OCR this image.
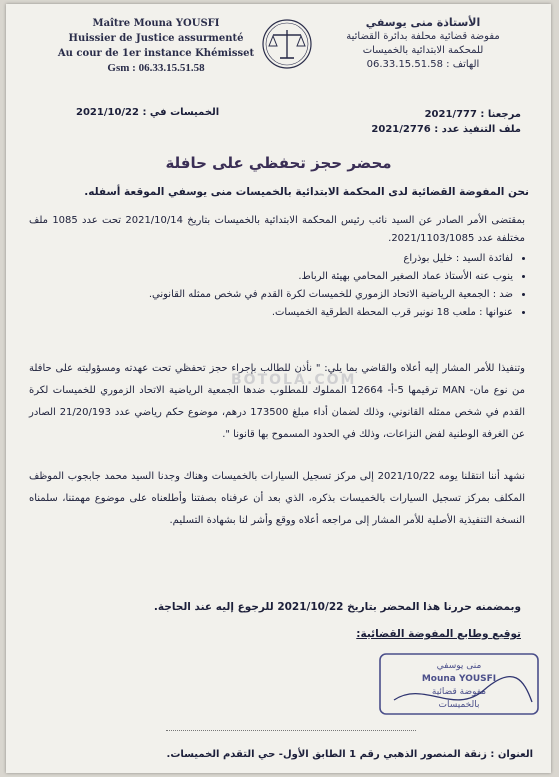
Maître Mouna YOUSFI
Huissier de Justice assurmenté
Au cour de 1er instance Khémisset
Gsm : 06.33.15.51.58
الأستاذة منى يوسفي
مفوضة قضائية محلفة بدائرة القضائية
للمحكمة الابتدائية بالخميسات
الهاتف : 06.33.15.51.58
مرجعنا : 2021/777
ملف التنفيذ عدد : 2021/2776
الخميسات في : 2021/10/22
محضر حجز تحفظي على حافلة
نحن المفوضة القضائية لدى المحكمة الابتدائية بالخميسات منى يوسفي الموقعة أسفله.
بمقتضى الأمر الصادر عن السيد نائب رئيس المحكمة الابتدائية بالخميسات بتاريخ 2021/10/14 تحت عدد 1085 ملف مختلفة عدد 2021/1103/1085.
• لفائدة السيد : خليل بوذراع
• ينوب عنه الأستاذ عماد الصغير المحامي بهيئة الرباط.
• ضد : الجمعية الرياضية الاتحاد الزموري للخميسات لكرة القدم في شخص ممثله القانوني.
• عنوانها : ملعب 18 نونبر قرب المحطة الطرقية الخميسات.
BOTOLA.COM
وتنفيذا للأمر المشار إليه أعلاه والقاضي بما يلي: " نأذن للطالب بإجراء حجز تحفظي تحت عهدته ومسؤوليته على حافلة من نوع مان- MAN ترقيمها 5-أ- 12664 المملوك للمطلوب ضدها الجمعية الرياضية الاتحاد الزموري للخميسات لكرة القدم في شخص ممثله القانوني، وذلك لضمان أداء مبلغ 173500 درهم، موضوع حكم رياضي عدد 21/20/193 الصادر عن الغرفة الوطنية لفض النزاعات، وذلك في الحدود المسموح بها قانونا ".
نشهد أننا انتقلنا يومه 2021/10/22 إلى مركز تسجيل السيارات بالخميسات وهناك وجدنا السيد محمد جابجوب الموظف المكلف بمركز تسجيل السيارات بالخميسات بذكره، الذي بعد أن عرفناه بصفتنا وأطلعناه على موضوع مهمتنا، سلمناه النسخة التنفيذية الأصلية للأمر المشار إلى مراجعه أعلاه ووقع وأشر لنا بشهادة التسليم.
وبمضمنه حررنا هذا المحضر بتاريخ 2021/10/22 للرجوع إليه عند الحاجة.
توقيع وطابع المفوضة القضائية:
منى يوسفي
Mouna YOUSFI
مفوضة قضائية
بالخميسات
العنوان : زنقة المنصور الذهبي رقم 1 الطابق الأول- حي التقدم الخميسات.
